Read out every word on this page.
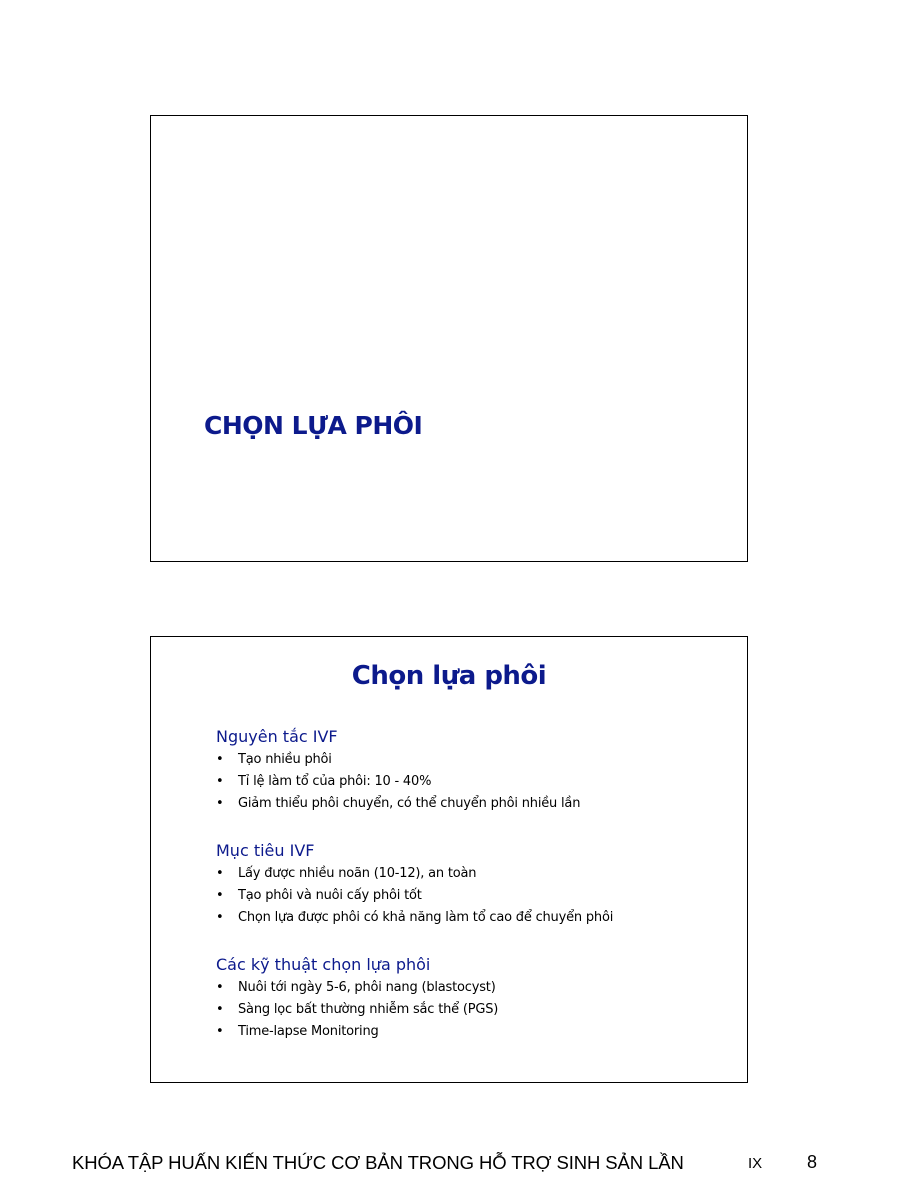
CHỌN LỰA PHÔI
Chọn lựa phôi
Nguyên tắc IVF
• Tạo nhiều phôi
• Tỉ lệ làm tổ của phôi: 10 - 40%
• Giảm thiểu phôi chuyển, có thể chuyển phôi nhiều lần
Mục tiêu IVF
• Lấy được nhiều noãn (10-12), an toàn
• Tạo phôi và nuôi cấy phôi tốt
• Chọn lựa được phôi có khả năng làm tổ cao để chuyển phôi
Các kỹ thuật chọn lựa phôi
• Nuôi tới ngày 5-6, phôi nang (blastocyst)
• Sàng lọc bất thường nhiễm sắc thể (PGS)
• Time-lapse Monitoring
KHÓA TẬP HUẤN KIẾN THỨC CƠ BẢN TRONG HỖ TRỢ SINH SẢN LẦN	IX 8
